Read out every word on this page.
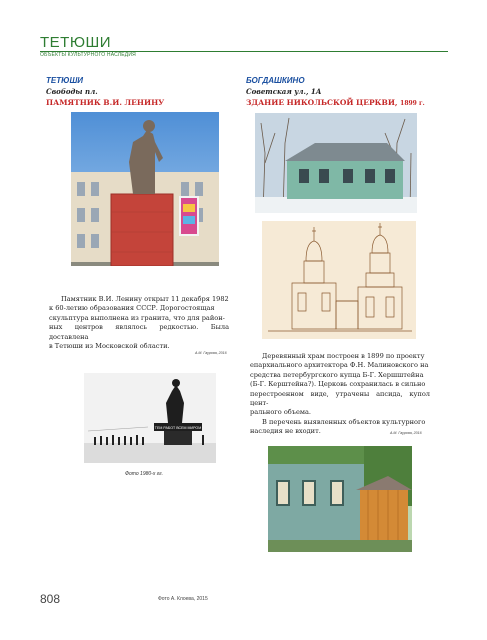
ТЕТЮШИ
ОБЪЕКТЫ КУЛЬТУРНОГО НАСЛЕДИЯ
ТЕТЮШИ
Свободы пл.
ПАМЯТНИК В.И. ЛЕНИНУ
Памятник В.И. Ленину открыт 11 декабря 1982
к 60-летию образования СССР. Дорогостоящая
скульптура выполнена из гранита, что для район-
ных центров являлось редкостью. Была доставлена
в Тетюши из Московской области.
А.М. Гаурова, 2016
ТЕМ РАБОТ ВСЕМ МИРОМ
Фото 1980-х гг.
БОГДАШКИНО
Советская ул., 1А
ЗДАНИЕ НИКОЛЬСКОЙ ЦЕРКВИ, 1899 г.
Деревянный храм построен в 1899 по проекту
епархиального архитектора Ф.Н. Малиновского на
средства петербургского купца Б-Г. Хершштейна
(Б-Г. Керштейна?). Церковь сохранилась в сильно
перестроенном виде, утрачены апсида, купол цент-
рального объема.
В перечень выявленных объектов культурного
наследия не входит.	А.М. Гаурова, 2016
808	Фото А. Клоева, 2015
